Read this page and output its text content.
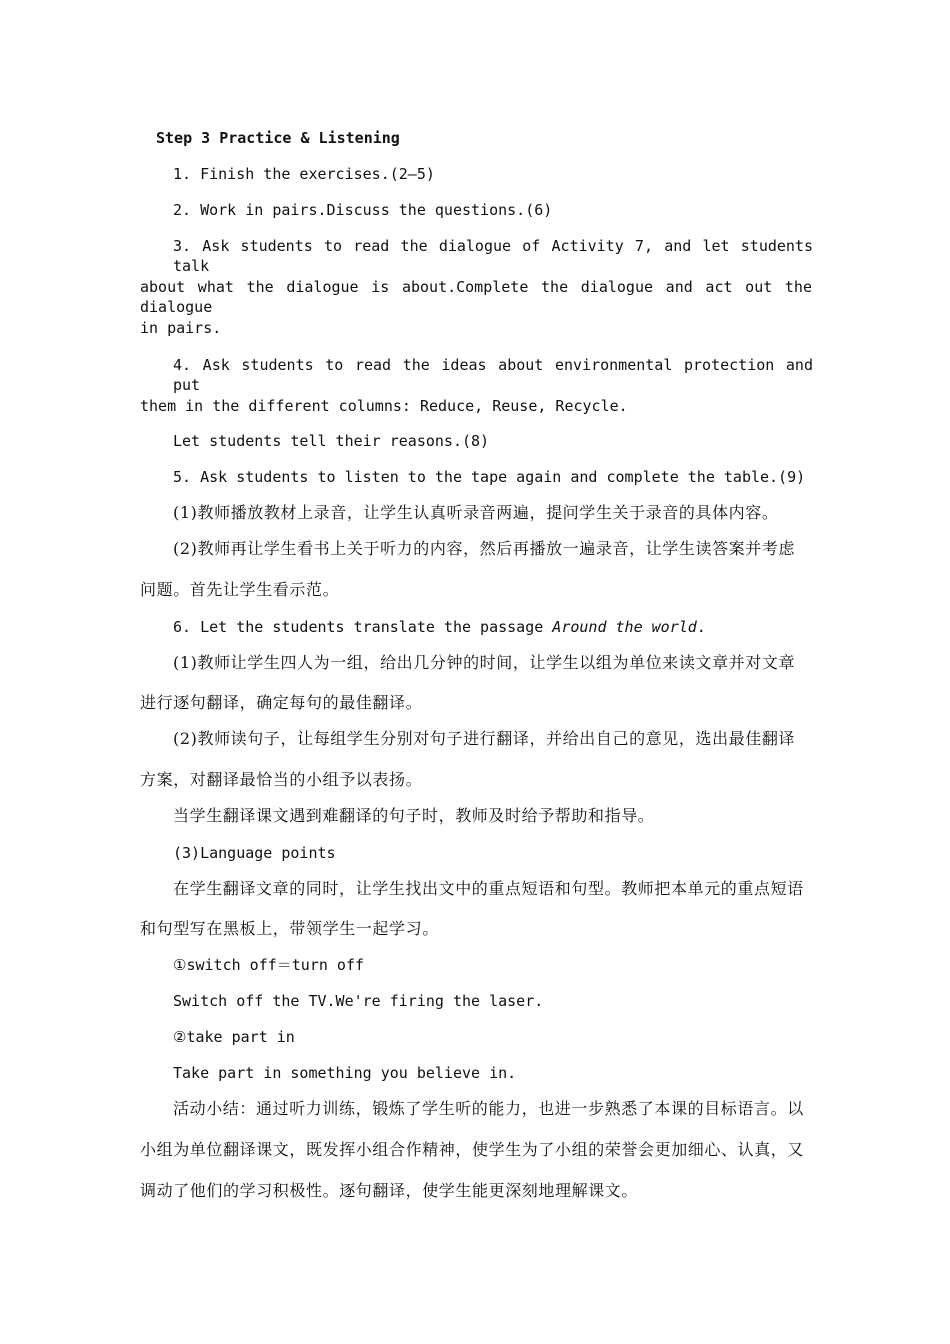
Step 3 Practice & Listening
1. Finish the exercises.(2—5)
2. Work in pairs.Discuss the questions.(6)
3. Ask students to read the dialogue of Activity 7, and let students talk
about what the dialogue is about.Complete the dialogue and act out the dialogue
in pairs.
4. Ask students to read the ideas about environmental protection and put
them in the different columns: Reduce, Reuse, Recycle.
Let students tell their reasons.(8)
5. Ask students to listen to the tape again and complete the table.(9)
(1)教师播放教材上录音，让学生认真听录音两遍，提问学生关于录音的具体内容。
(2)教师再让学生看书上关于听力的内容，然后再播放一遍录音，让学生读答案并考虑
问题。首先让学生看示范。
6. Let the students translate the passage Around the world.
(1)教师让学生四人为一组，给出几分钟的时间，让学生以组为单位来读文章并对文章
进行逐句翻译，确定每句的最佳翻译。
(2)教师读句子，让每组学生分别对句子进行翻译，并给出自己的意见，选出最佳翻译
方案，对翻译最恰当的小组予以表扬。
当学生翻译课文遇到难翻译的句子时，教师及时给予帮助和指导。
(3)Language points
在学生翻译文章的同时，让学生找出文中的重点短语和句型。教师把本单元的重点短语
和句型写在黑板上，带领学生一起学习。
①switch off＝turn off
Switch off the TV.We're firing the laser.
②take part in
Take part in something you believe in.
活动小结：通过听力训练，锻炼了学生听的能力，也进一步熟悉了本课的目标语言。以
小组为单位翻译课文，既发挥小组合作精神，使学生为了小组的荣誉会更加细心、认真，又
调动了他们的学习积极性。逐句翻译，使学生能更深刻地理解课文。
